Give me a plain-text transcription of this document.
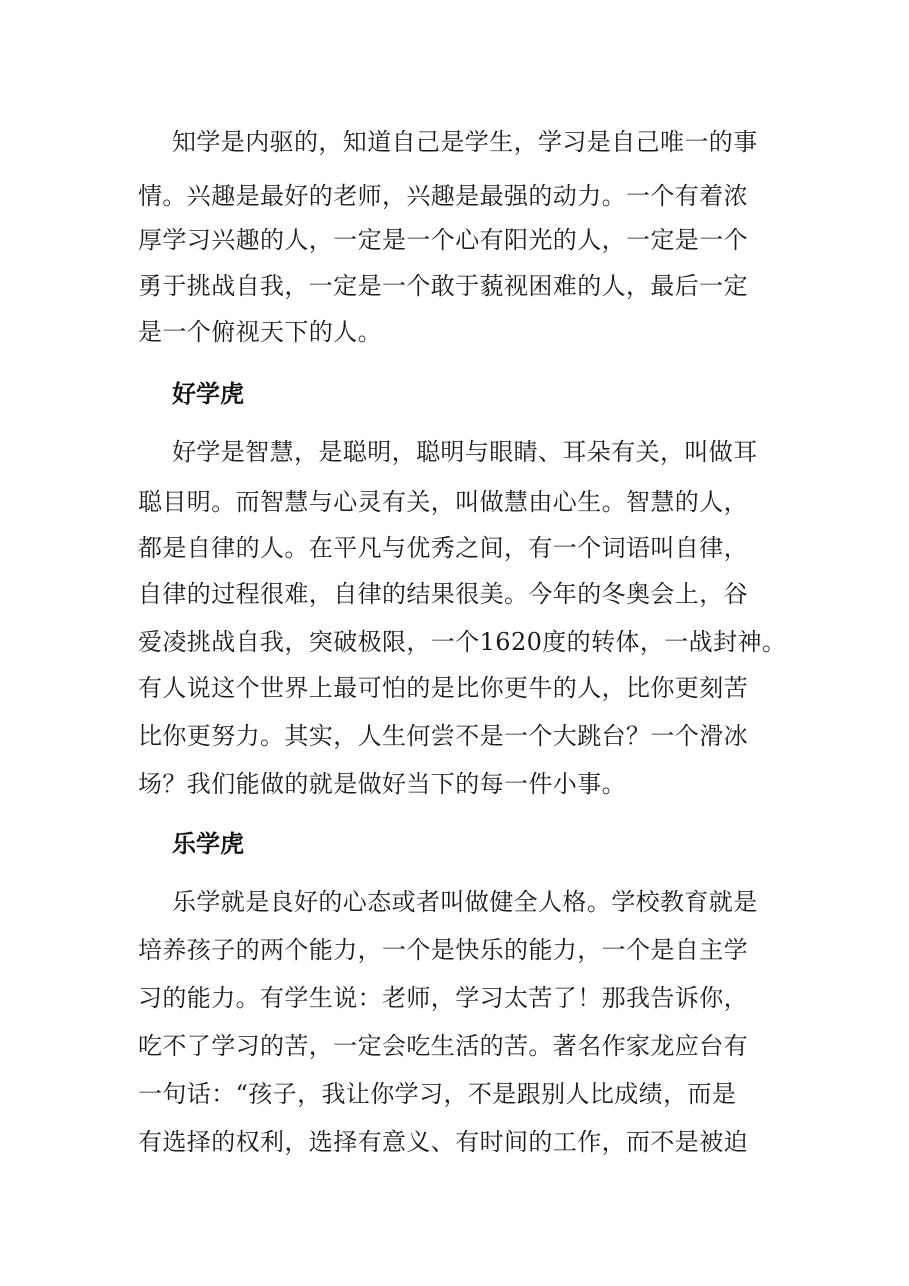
知学是内驱的，知道自己是学生，学习是自己唯一的事
情。兴趣是最好的老师，兴趣是最强的动力。一个有着浓
厚学习兴趣的人，一定是一个心有阳光的人，一定是一个
勇于挑战自我，一定是一个敢于藐视困难的人，最后一定
是一个俯视天下的人。
好学虎
好学是智慧，是聪明，聪明与眼睛、耳朵有关，叫做耳
聪目明。而智慧与心灵有关，叫做慧由心生。智慧的人，
都是自律的人。在平凡与优秀之间，有一个词语叫自律，
自律的过程很难，自律的结果很美。今年的冬奥会上，谷
爱凌挑战自我，突破极限，一个1620度的转体，一战封神。
有人说这个世界上最可怕的是比你更牛的人，比你更刻苦
比你更努力。其实，人生何尝不是一个大跳台？一个滑冰
场？我们能做的就是做好当下的每一件小事。
乐学虎
乐学就是良好的心态或者叫做健全人格。学校教育就是
培养孩子的两个能力，一个是快乐的能力，一个是自主学
习的能力。有学生说：老师，学习太苦了！那我告诉你，
吃不了学习的苦，一定会吃生活的苦。著名作家龙应台有
一句话：“孩子，我让你学习，不是跟别人比成绩，而是
有选择的权利，选择有意义、有时间的工作，而不是被迫
